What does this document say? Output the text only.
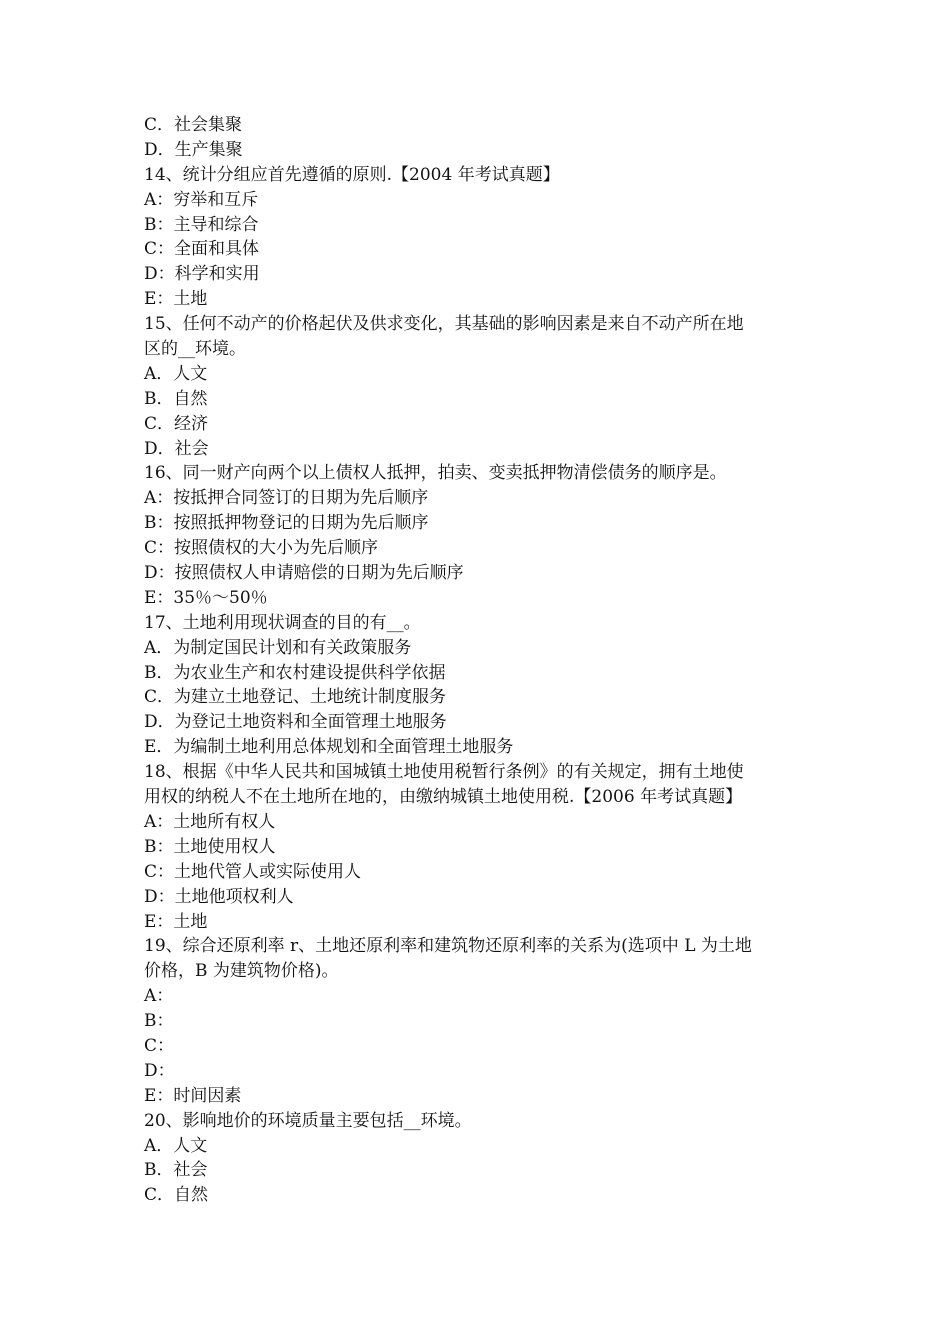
C．社会集聚

D．生产集聚

14、统计分组应首先遵循的原则.【2004 年考试真题】

A：穷举和互斥

B：主导和综合

C：全面和具体

D：科学和实用

E：土地

15、任何不动产的价格起伏及供求变化，其基础的影响因素是来自不动产所在地

区的__环境。

A．人文

B．自然

C．经济

D．社会

16、同一财产向两个以上债权人抵押，拍卖、变卖抵押物清偿债务的顺序是。

A：按抵押合同签订的日期为先后顺序

B：按照抵押物登记的日期为先后顺序

C：按照债权的大小为先后顺序

D：按照债权人申请赔偿的日期为先后顺序

E：35％～50％

17、土地利用现状调查的目的有__。

A．为制定国民计划和有关政策服务

B．为农业生产和农村建设提供科学依据

C．为建立土地登记、土地统计制度服务

D．为登记土地资料和全面管理土地服务

E．为编制土地利用总体规划和全面管理土地服务

18、根据《中华人民共和国城镇土地使用税暂行条例》的有关规定，拥有土地使

用权的纳税人不在土地所在地的，由缴纳城镇土地使用税.【2006 年考试真题】

A：土地所有权人

B：土地使用权人

C：土地代管人或实际使用人

D：土地他项权利人

E：土地

19、综合还原利率 r、土地还原利率和建筑物还原利率的关系为(选项中 L 为土地

价格，B 为建筑物价格)。

A：

B：

C：

D：

E：时间因素

20、影响地价的环境质量主要包括__环境。

A．人文

B．社会

C．自然
